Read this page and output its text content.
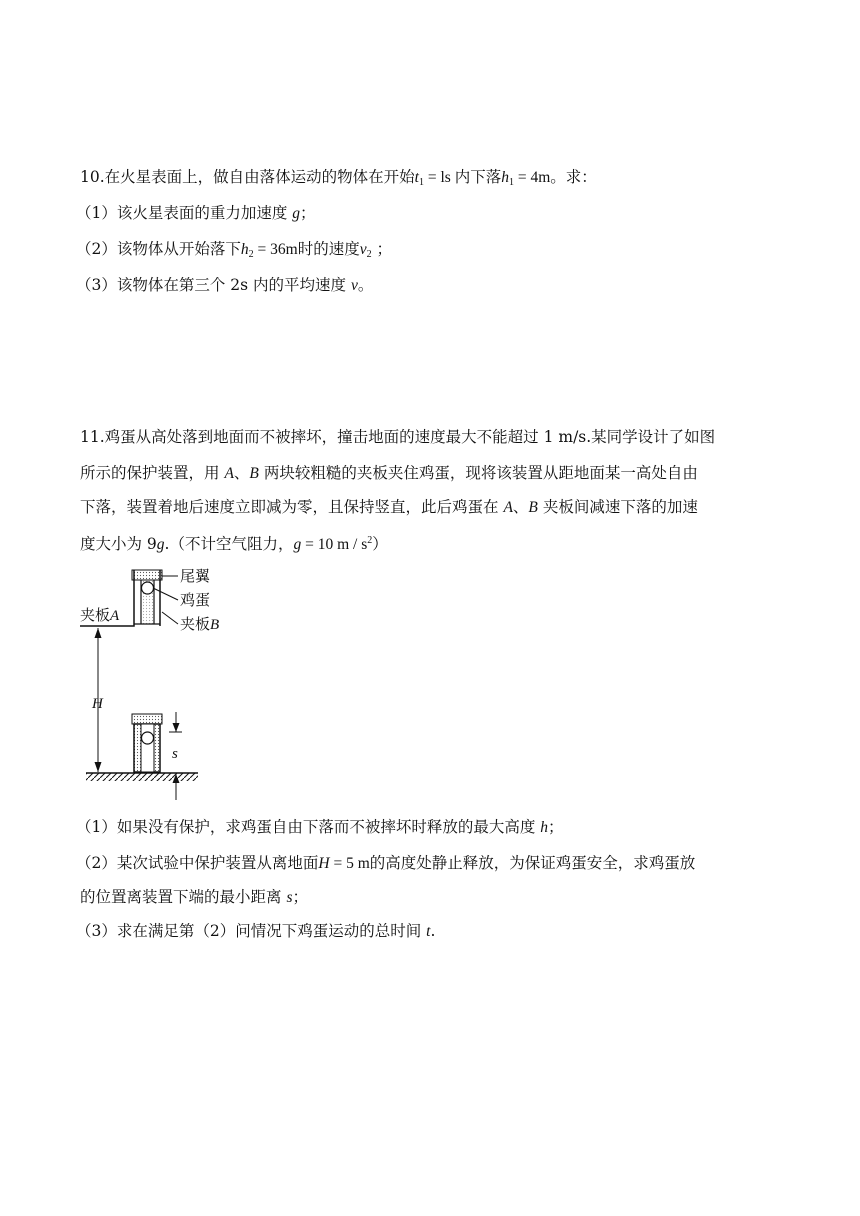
10.在火星表面上，做自由落体运动的物体在开始$t_1$ = ls 内下落$h_1 = 4m$。求：
（1）该火星表面的重力加速度 g；
（2）该物体从开始落下$h_2 = 36m$时的速度$v_2$ ；
（3）该物体在第三个 2s 内的平均速度 v。
11.鸡蛋从高处落到地面而不被摔坏，撞击地面的速度最大不能超过 1 m/s.某同学设计了如图
所示的保护装置，用 A、B 两块较粗糙的夹板夹住鸡蛋，现将该装置从距地面某一高处自由
下落，装置着地后速度立即减为零，且保持竖直，此后鸡蛋在 A、B 夹板间减速下落的加速
度大小为 9g.（不计空气阻力，g = 10 m / $s^2$）
尾翼
鸡蛋
夹板B
夹板A
H
s
（1）如果没有保护，求鸡蛋自由下落而不被摔坏时释放的最大高度 h；
（2）某次试验中保护装置从离地面H = 5 m的高度处静止释放，为保证鸡蛋安全，求鸡蛋放
的位置离装置下端的最小距离 s；
（3）求在满足第（2）问情况下鸡蛋运动的总时间 t.
